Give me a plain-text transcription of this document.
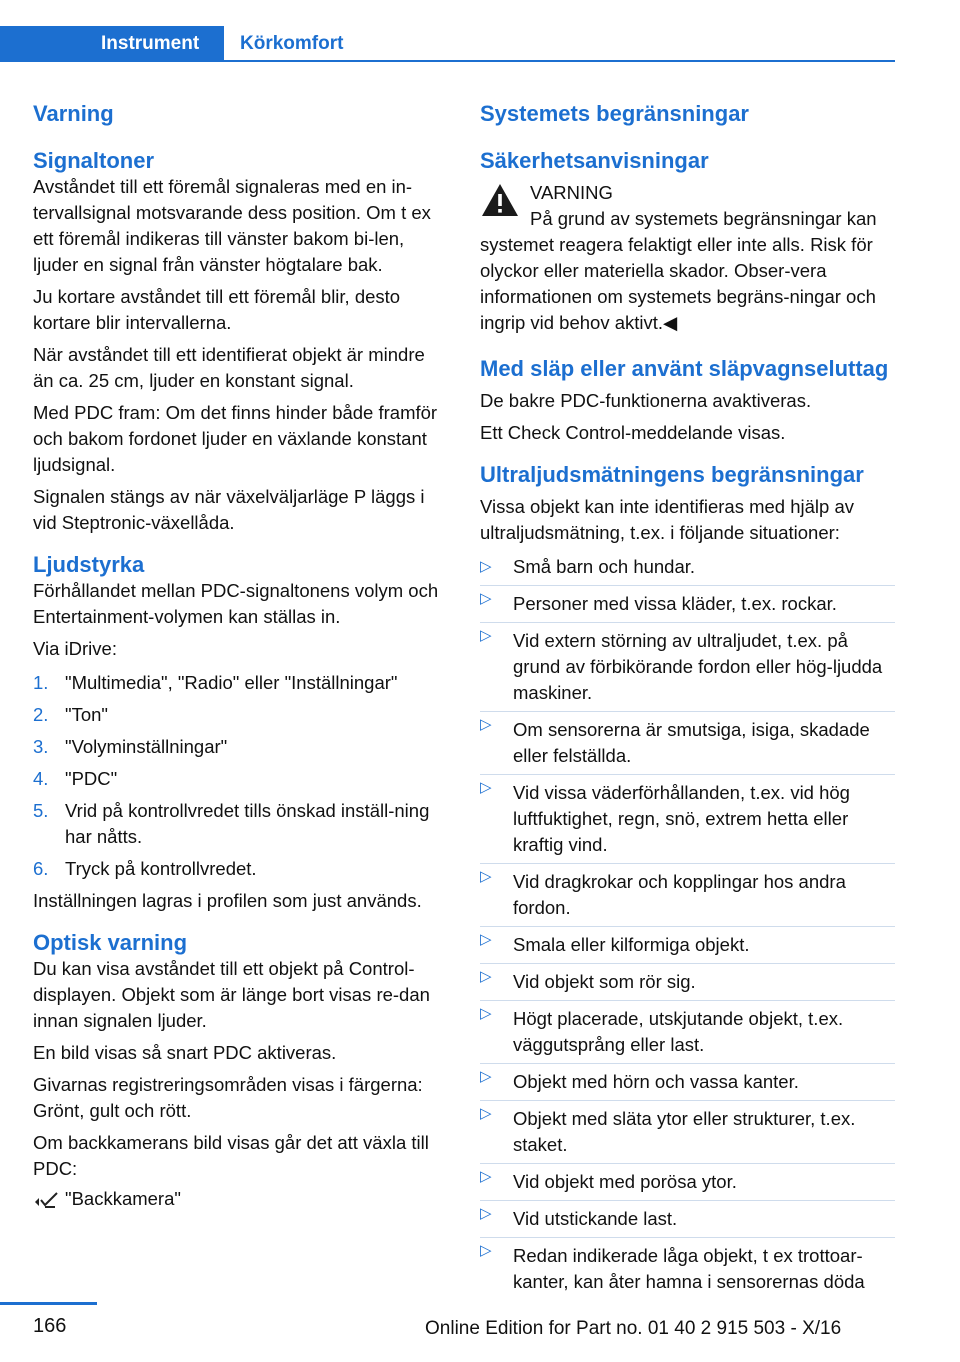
Instrument	Körkomfort
Varning
Signaltoner

Avståndet till ett föremål signaleras med en in‐tervallsignal motsvarande dess position. Om t ex ett föremål indikeras till vänster bakom bi‐len, ljuder en signal från vänster högtalare bak.

Ju kortare avståndet till ett föremål blir, desto kortare blir intervallerna.

När avståndet till ett identifierat objekt är mindre än ca. 25 cm, ljuder en konstant signal.

Med PDC fram: Om det finns hinder både framför och bakom fordonet ljuder en växlande konstant ljudsignal.

Signalen stängs av när växelväljarläge P läggs i vid Steptronic-växellåda.

Ljudstyrka

Förhållandet mellan PDC-signaltonens volym och Entertainment-volymen kan ställas in.

Via iDrive:

1. "Multimedia", "Radio" eller "Inställningar"
2. "Ton"
3. "Volyminställningar"
4. "PDC"
5. Vrid på kontrollvredet tills önskad inställ‐ning har nåtts.
6. Tryck på kontrollvredet.

Inställningen lagras i profilen som just används.

Optisk varning

Du kan visa avståndet till ett objekt på Control-displayen. Objekt som är länge bort visas re‐dan innan signalen ljuder.

En bild visas så snart PDC aktiveras.

Givarnas registreringsområden visas i färgerna: Grönt, gult och rött.

Om backkamerans bild visas går det att växla till PDC:

"Backkamera"
Systemets begränsningar
Säkerhetsanvisningar
VARNING

På grund av systemets begränsningar kan systemet reagera felaktigt eller inte alls. Risk för olyckor eller materiella skador. Obser‐vera informationen om systemets begräns‐ningar och ingrip vid behov aktivt.◀

Med släp eller använt släpvagnseluttag

De bakre PDC-funktionerna avaktiveras.

Ett Check Control-meddelande visas.

Ultraljudsmätningens begränsningar

Vissa objekt kan inte identifieras med hjälp av ultraljudsmätning, t.ex. i följande situationer:

▷ Små barn och hundar.
▷ Personer med vissa kläder, t.ex. rockar.
▷ Vid extern störning av ultraljudet, t.ex. på grund av förbikörande fordon eller hög‐ljudda maskiner.
▷ Om sensorerna är smutsiga, isiga, skadade eller felställda.
▷ Vid vissa väderförhållanden, t.ex. vid hög luftfuktighet, regn, snö, extrem hetta eller kraftig vind.
▷ Vid dragkrokar och kopplingar hos andra fordon.
▷ Smala eller kilformiga objekt.
▷ Vid objekt som rör sig.
▷ Högt placerade, utskjutande objekt, t.ex. väggutsprång eller last.
▷ Objekt med hörn och vassa kanter.
▷ Objekt med släta ytor eller strukturer, t.ex. staket.
▷ Vid objekt med porösa ytor.
▷ Vid utstickande last.
▷ Redan indikerade låga objekt, t ex trottoar‐kanter, kan åter hamna i sensorernas döda
166	Online Edition for Part no. 01 40 2 915 503 - X/16
